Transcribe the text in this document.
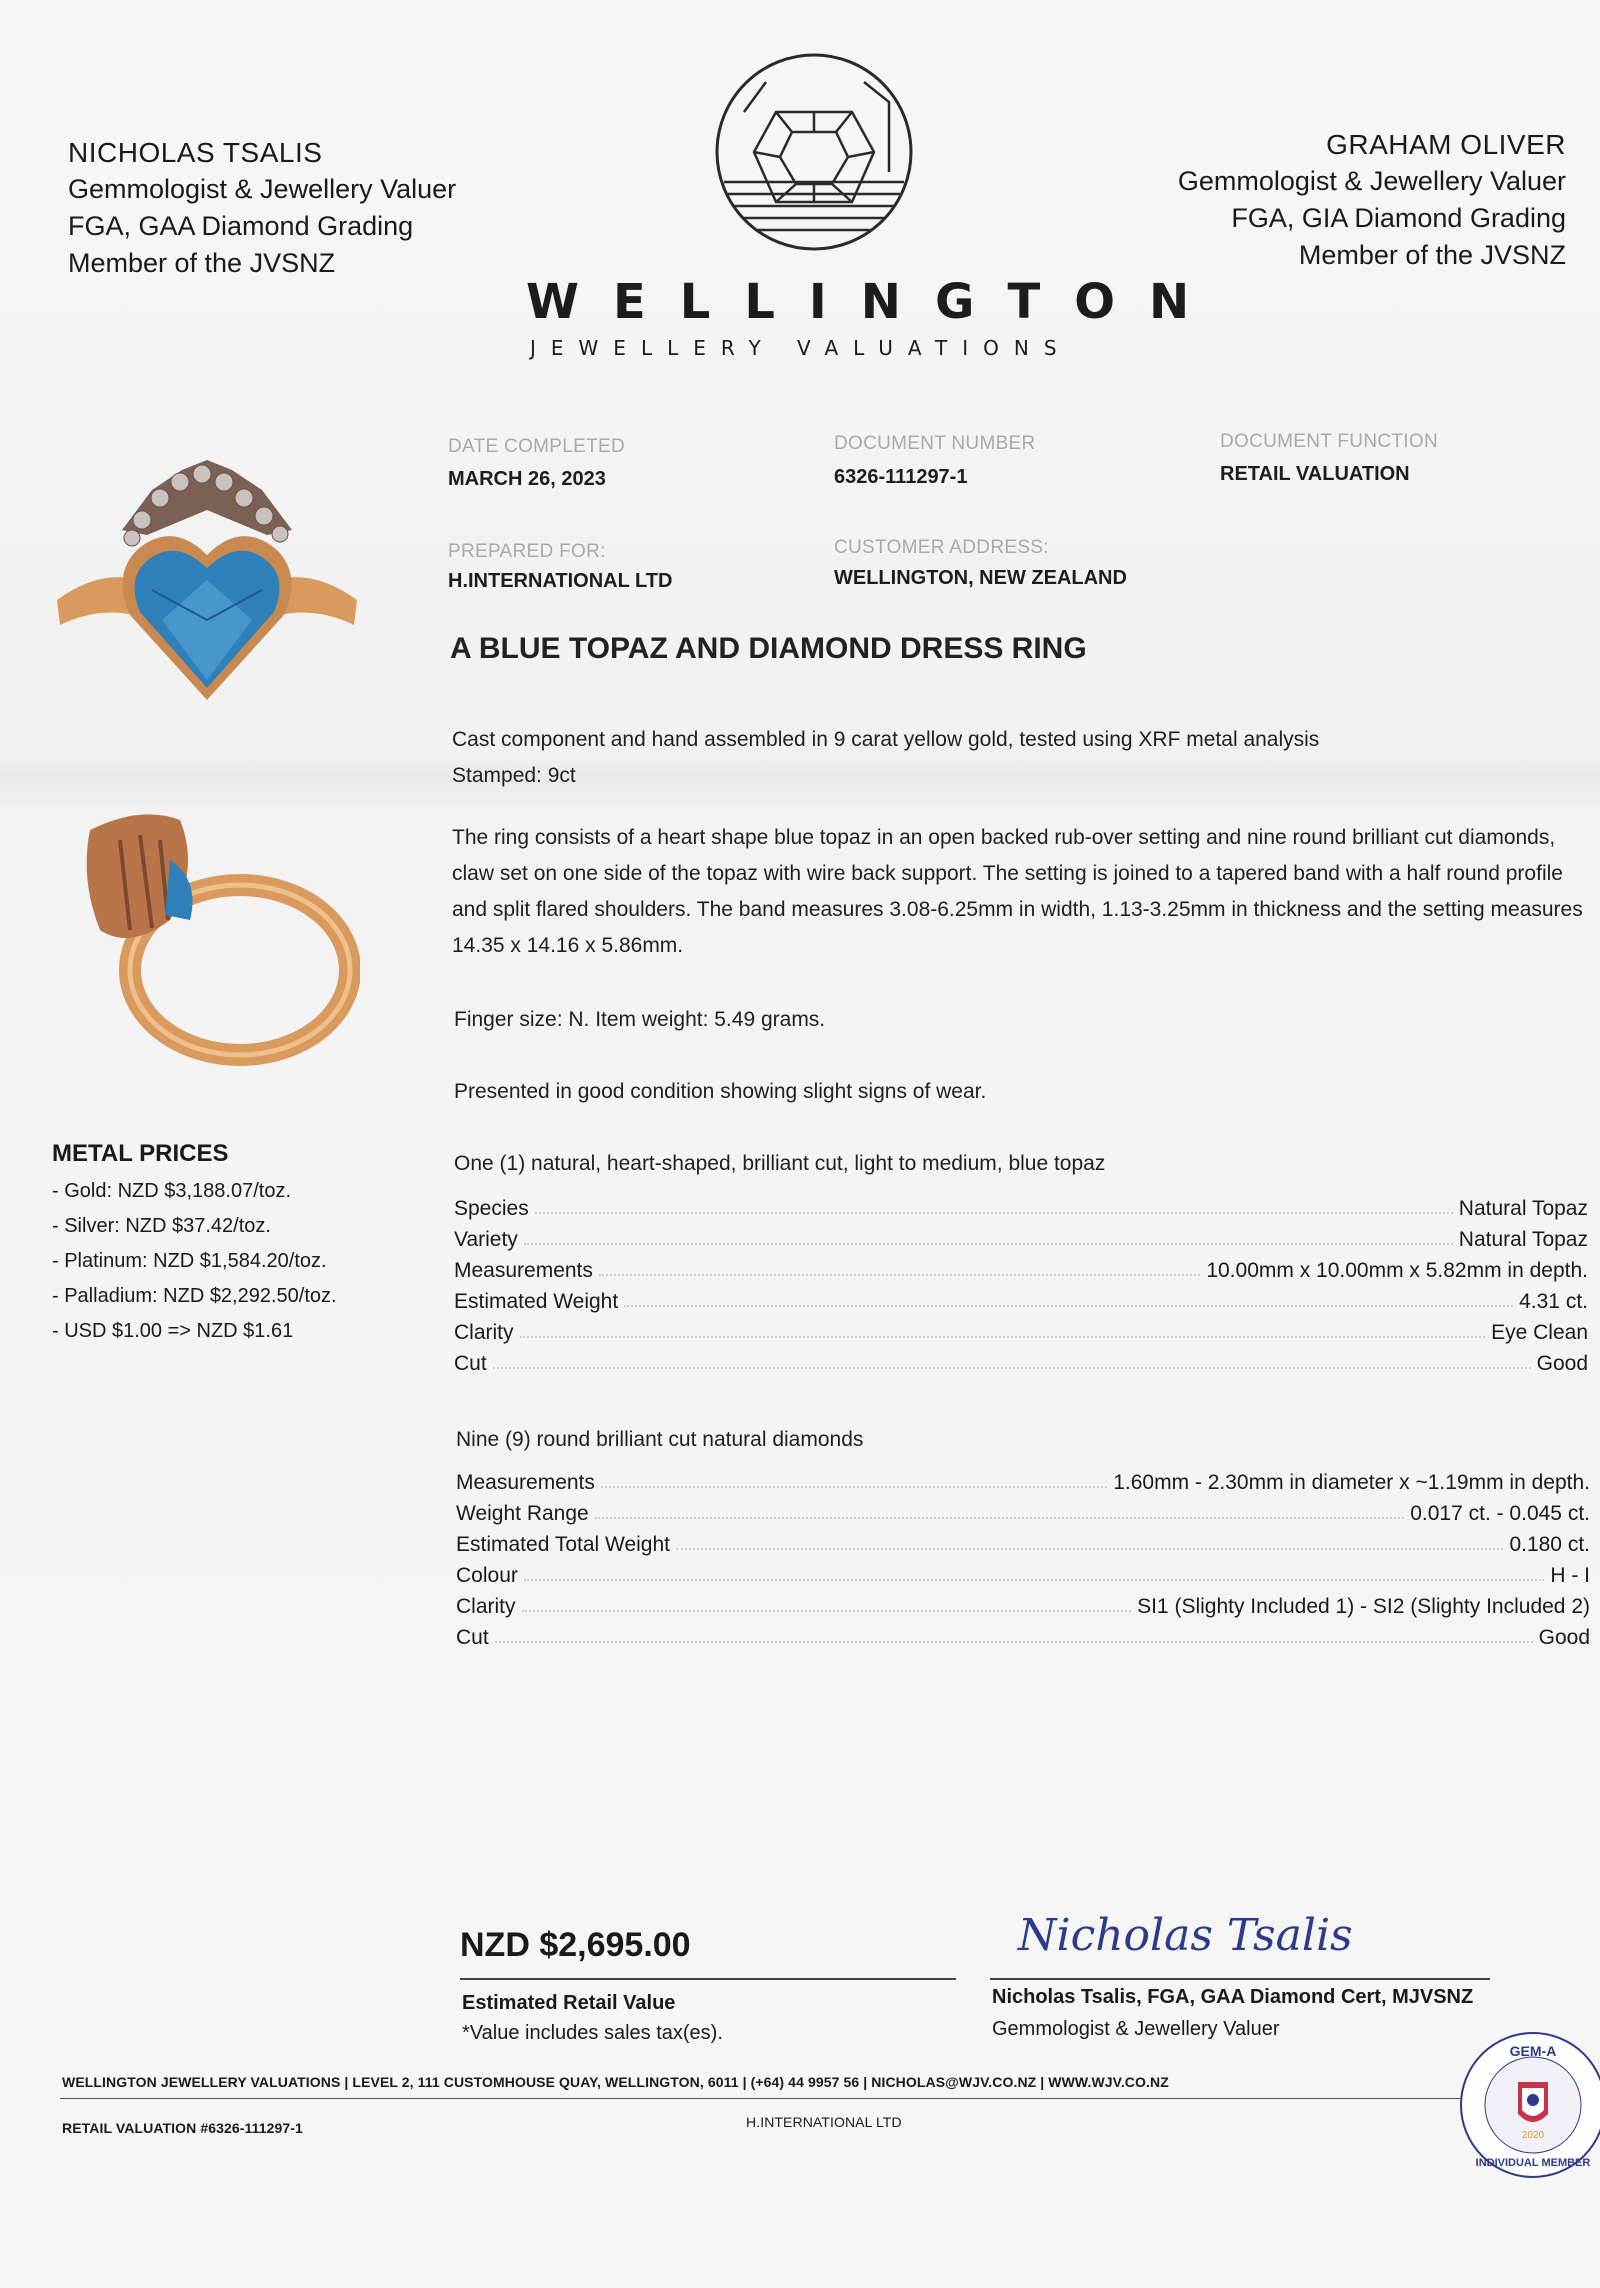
NICHOLAS TSALIS
Gemmologist & Jewellery Valuer
FGA, GAA Diamond Grading
Member of the JVSNZ
GRAHAM OLIVER
Gemmologist & Jewellery Valuer
FGA, GIA Diamond Grading
Member of the JVSNZ
WELLINGTON
JEWELLERY VALUATIONS
DATE COMPLETED
MARCH 26, 2023
DOCUMENT NUMBER
6326-111297-1
DOCUMENT FUNCTION
RETAIL VALUATION
PREPARED FOR:
H.INTERNATIONAL LTD
CUSTOMER ADDRESS:
WELLINGTON, NEW ZEALAND
A BLUE TOPAZ AND DIAMOND DRESS RING
Cast component and hand assembled in 9 carat yellow gold, tested using XRF metal analysis
Stamped: 9ct
The ring consists of a heart shape blue topaz in an open backed rub-over setting and nine round brilliant cut diamonds, claw set on one side of the topaz with wire back support. The setting is joined to a tapered band with a half round profile and split flared shoulders. The band measures 3.08-6.25mm in width, 1.13-3.25mm in thickness and the setting measures 14.35 x 14.16 x 5.86mm.
Finger size: N. Item weight: 5.49 grams.
Presented in good condition showing slight signs of wear.
METAL PRICES
- Gold: NZD $3,188.07/toz.
- Silver: NZD $37.42/toz.
- Platinum: NZD $1,584.20/toz.
- Palladium: NZD $2,292.50/toz.
- USD $1.00 => NZD $1.61
One (1) natural, heart-shaped, brilliant cut, light to medium, blue topaz
Species	Natural Topaz
Variety	Natural Topaz
Measurements	10.00mm x 10.00mm x 5.82mm in depth.
Estimated Weight	4.31 ct.
Clarity	Eye Clean
Cut	Good
Nine (9) round brilliant cut natural diamonds
Measurements	1.60mm - 2.30mm in diameter x ~1.19mm in depth.
Weight Range	0.017 ct. - 0.045 ct.
Estimated Total Weight	0.180 ct.
Colour	H - I
Clarity	SI1 (Slighty Included 1) - SI2 (Slighty Included 2)
Cut	Good
NZD $2,695.00
Estimated Retail Value
*Value includes sales tax(es).
Nicholas Tsalis
Nicholas Tsalis, FGA, GAA Diamond Cert, MJVSNZ
Gemmologist & Jewellery Valuer
WELLINGTON JEWELLERY VALUATIONS | LEVEL 2, 111 CUSTOMHOUSE QUAY, WELLINGTON, 6011 | (+64) 44 9957 56 | NICHOLAS@WJV.CO.NZ | WWW.WJV.CO.NZ
RETAIL VALUATION #6326-111297-1	H.INTERNATIONAL LTD
GEM-A
2020
INDIVIDUAL MEMBER
